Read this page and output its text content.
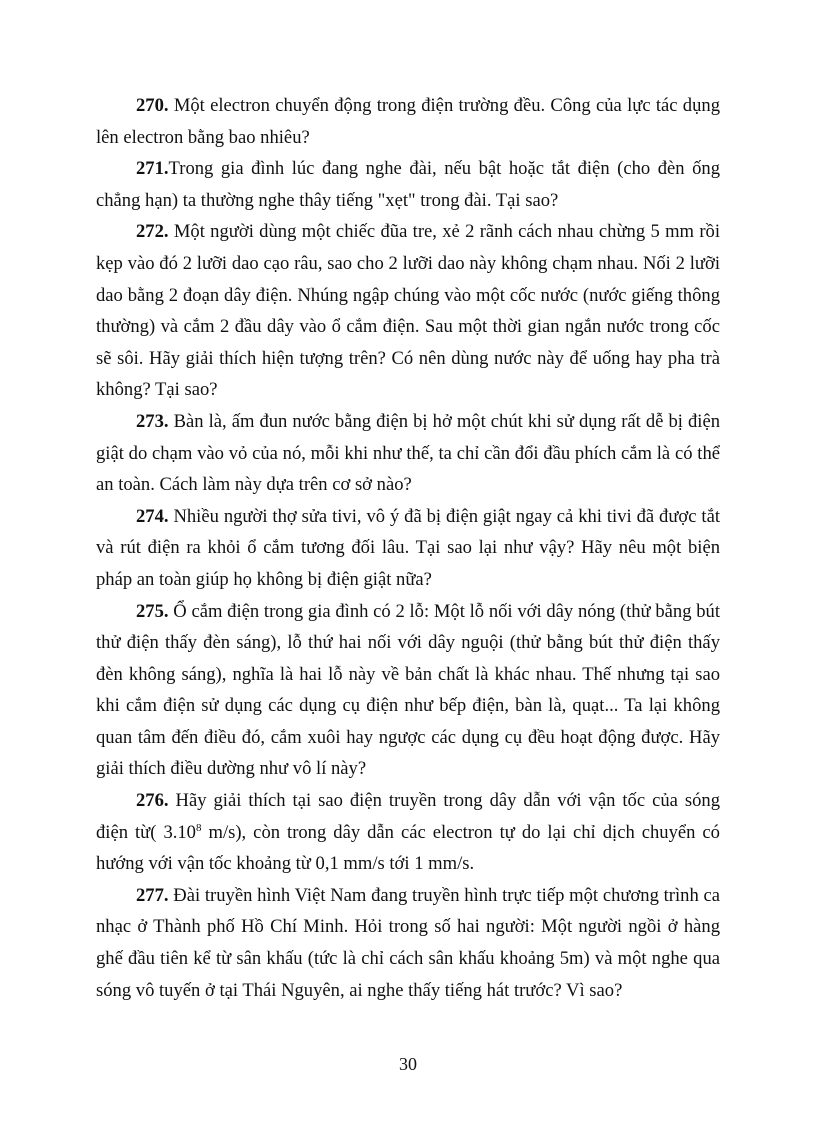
270. Một electron chuyển động trong điện trường đều. Công của lực tác dụng lên electron bằng bao nhiêu?

271.Trong gia đình lúc đang nghe đài, nếu bật hoặc tắt điện (cho đèn ống chẳng hạn) ta thường nghe thây tiếng "xẹt" trong đài. Tại sao?

272. Một người dùng một chiếc đũa tre, xẻ 2 rãnh cách nhau chừng 5 mm rồi kẹp vào đó 2 lưỡi dao cạo râu, sao cho 2 lưỡi dao này không chạm nhau. Nối 2 lưỡi dao bằng 2 đoạn dây điện. Nhúng ngập chúng vào một cốc nước (nước giếng thông thường) và cắm 2 đầu dây vào ổ cắm điện. Sau một thời gian ngắn nước trong cốc sẽ sôi. Hãy giải thích hiện tượng trên? Có nên dùng nước này để uống hay pha trà không? Tại sao?

273. Bàn là, ấm đun nước bằng điện bị hở một chút khi sử dụng rất dễ bị điện giật do chạm vào vỏ của nó, mỗi khi như thế, ta chỉ cần đổi đầu phích cắm là có thể an toàn. Cách làm này dựa trên cơ sở nào?

274. Nhiều người thợ sửa tivi, vô ý đã bị điện giật ngay cả khi tivi đã được tắt và rút điện ra khỏi ổ cắm tương đối lâu. Tại sao lại như vậy? Hãy nêu một biện pháp an toàn giúp họ không bị điện giật nữa?

275. Ổ cắm điện trong gia đình có 2 lỗ: Một lỗ nối với dây nóng (thử bằng bút thử điện thấy đèn sáng), lỗ thứ hai nối với dây nguội (thử bằng bút thử điện thấy đèn không sáng), nghĩa là hai lỗ này về bản chất là khác nhau. Thế nhưng tại sao khi cắm điện sử dụng các dụng cụ điện như bếp điện, bàn là, quạt... Ta lại không quan tâm đến điều đó, cắm xuôi hay ngược các dụng cụ đều hoạt động được. Hãy giải thích điều dường như vô lí này?

276. Hãy giải thích tại sao điện truyền trong dây dẫn với vận tốc của sóng điện từ( 3.10$^8$ m/s), còn trong dây dẫn các electron tự do lại chỉ dịch chuyển có hướng với vận tốc khoảng từ 0,1 mm/s tới 1 mm/s.

277. Đài truyền hình Việt Nam đang truyền hình trực tiếp một chương trình ca nhạc ở Thành phố Hồ Chí Minh. Hỏi trong số hai người: Một người ngồi ở hàng ghế đầu tiên kể từ sân khấu (tức là chỉ cách sân khấu khoảng 5m) và một nghe qua sóng vô tuyến ở tại Thái Nguyên, ai nghe thấy tiếng hát trước? Vì sao?

30
